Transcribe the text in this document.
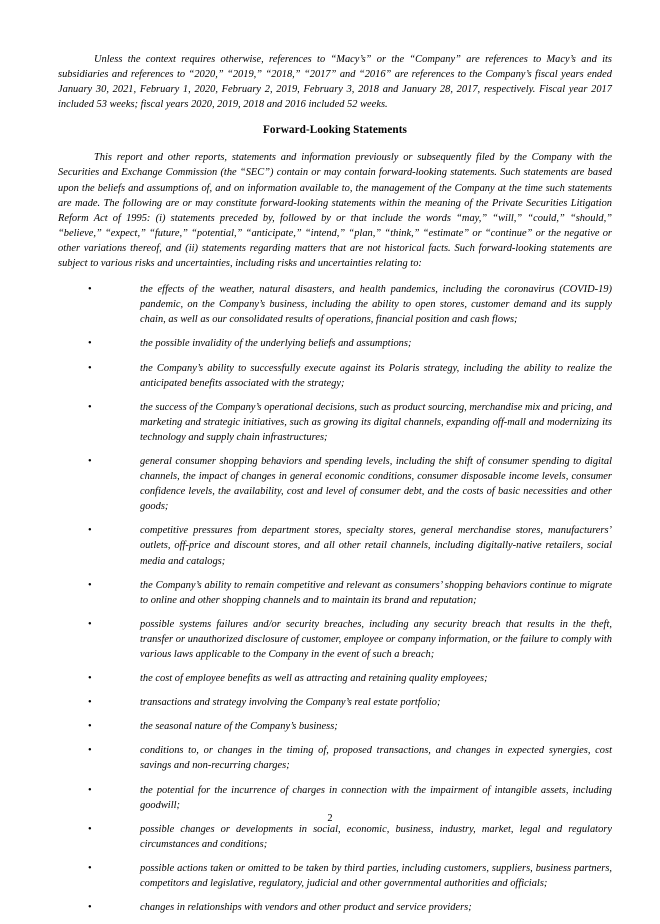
Unless the context requires otherwise, references to “Macy’s” or the “Company” are references to Macy’s and its subsidiaries and references to “2020,” “2019,” “2018,” “2017” and “2016” are references to the Company’s fiscal years ended January 30, 2021, February 1, 2020, February 2, 2019, February 3, 2018 and January 28, 2017, respectively. Fiscal year 2017 included 53 weeks; fiscal years 2020, 2019, 2018 and 2016 included 52 weeks.

Forward-Looking Statements

This report and other reports, statements and information previously or subsequently filed by the Company with the Securities and Exchange Commission (the “SEC”) contain or may contain forward-looking statements. Such statements are based upon the beliefs and assumptions of, and on information available to, the management of the Company at the time such statements are made. The following are or may constitute forward-looking statements within the meaning of the Private Securities Litigation Reform Act of 1995: (i) statements preceded by, followed by or that include the words “may,” “will,” “could,” “should,” “believe,” “expect,” “future,” “potential,” “anticipate,” “intend,” “plan,” “think,” “estimate” or “continue” or the negative or other variations thereof, and (ii) statements regarding matters that are not historical facts. Such forward-looking statements are subject to various risks and uncertainties, including risks and uncertainties relating to:

•	the effects of the weather, natural disasters, and health pandemics, including the coronavirus (COVID-19) pandemic, on the Company’s business, including the ability to open stores, customer demand and its supply chain, as well as our consolidated results of operations, financial position and cash flows;
•	the possible invalidity of the underlying beliefs and assumptions;
•	the Company’s ability to successfully execute against its Polaris strategy, including the ability to realize the anticipated benefits associated with the strategy;
•	the success of the Company’s operational decisions, such as product sourcing, merchandise mix and pricing, and marketing and strategic initiatives, such as growing its digital channels, expanding off-mall and modernizing its technology and supply chain infrastructures;
•	general consumer shopping behaviors and spending levels, including the shift of consumer spending to digital channels, the impact of changes in general economic conditions, consumer disposable income levels, consumer confidence levels, the availability, cost and level of consumer debt, and the costs of basic necessities and other goods;
•	competitive pressures from department stores, specialty stores, general merchandise stores, manufacturers’ outlets, off-price and discount stores, and all other retail channels, including digitally-native retailers, social media and catalogs;
•	the Company’s ability to remain competitive and relevant as consumers’ shopping behaviors continue to migrate to online and other shopping channels and to maintain its brand and reputation;
•	possible systems failures and/or security breaches, including any security breach that results in the theft, transfer or unauthorized disclosure of customer, employee or company information, or the failure to comply with various laws applicable to the Company in the event of such a breach;
•	the cost of employee benefits as well as attracting and retaining quality employees;
•	transactions and strategy involving the Company’s real estate portfolio;
•	the seasonal nature of the Company’s business;
•	conditions to, or changes in the timing of, proposed transactions, and changes in expected synergies, cost savings and non-recurring charges;
•	the potential for the incurrence of charges in connection with the impairment of intangible assets, including goodwill;
•	possible changes or developments in social, economic, business, industry, market, legal and regulatory circumstances and conditions;
•	possible actions taken or omitted to be taken by third parties, including customers, suppliers, business partners, competitors and legislative, regulatory, judicial and other governmental authorities and officials;
•	changes in relationships with vendors and other product and service providers;
2
